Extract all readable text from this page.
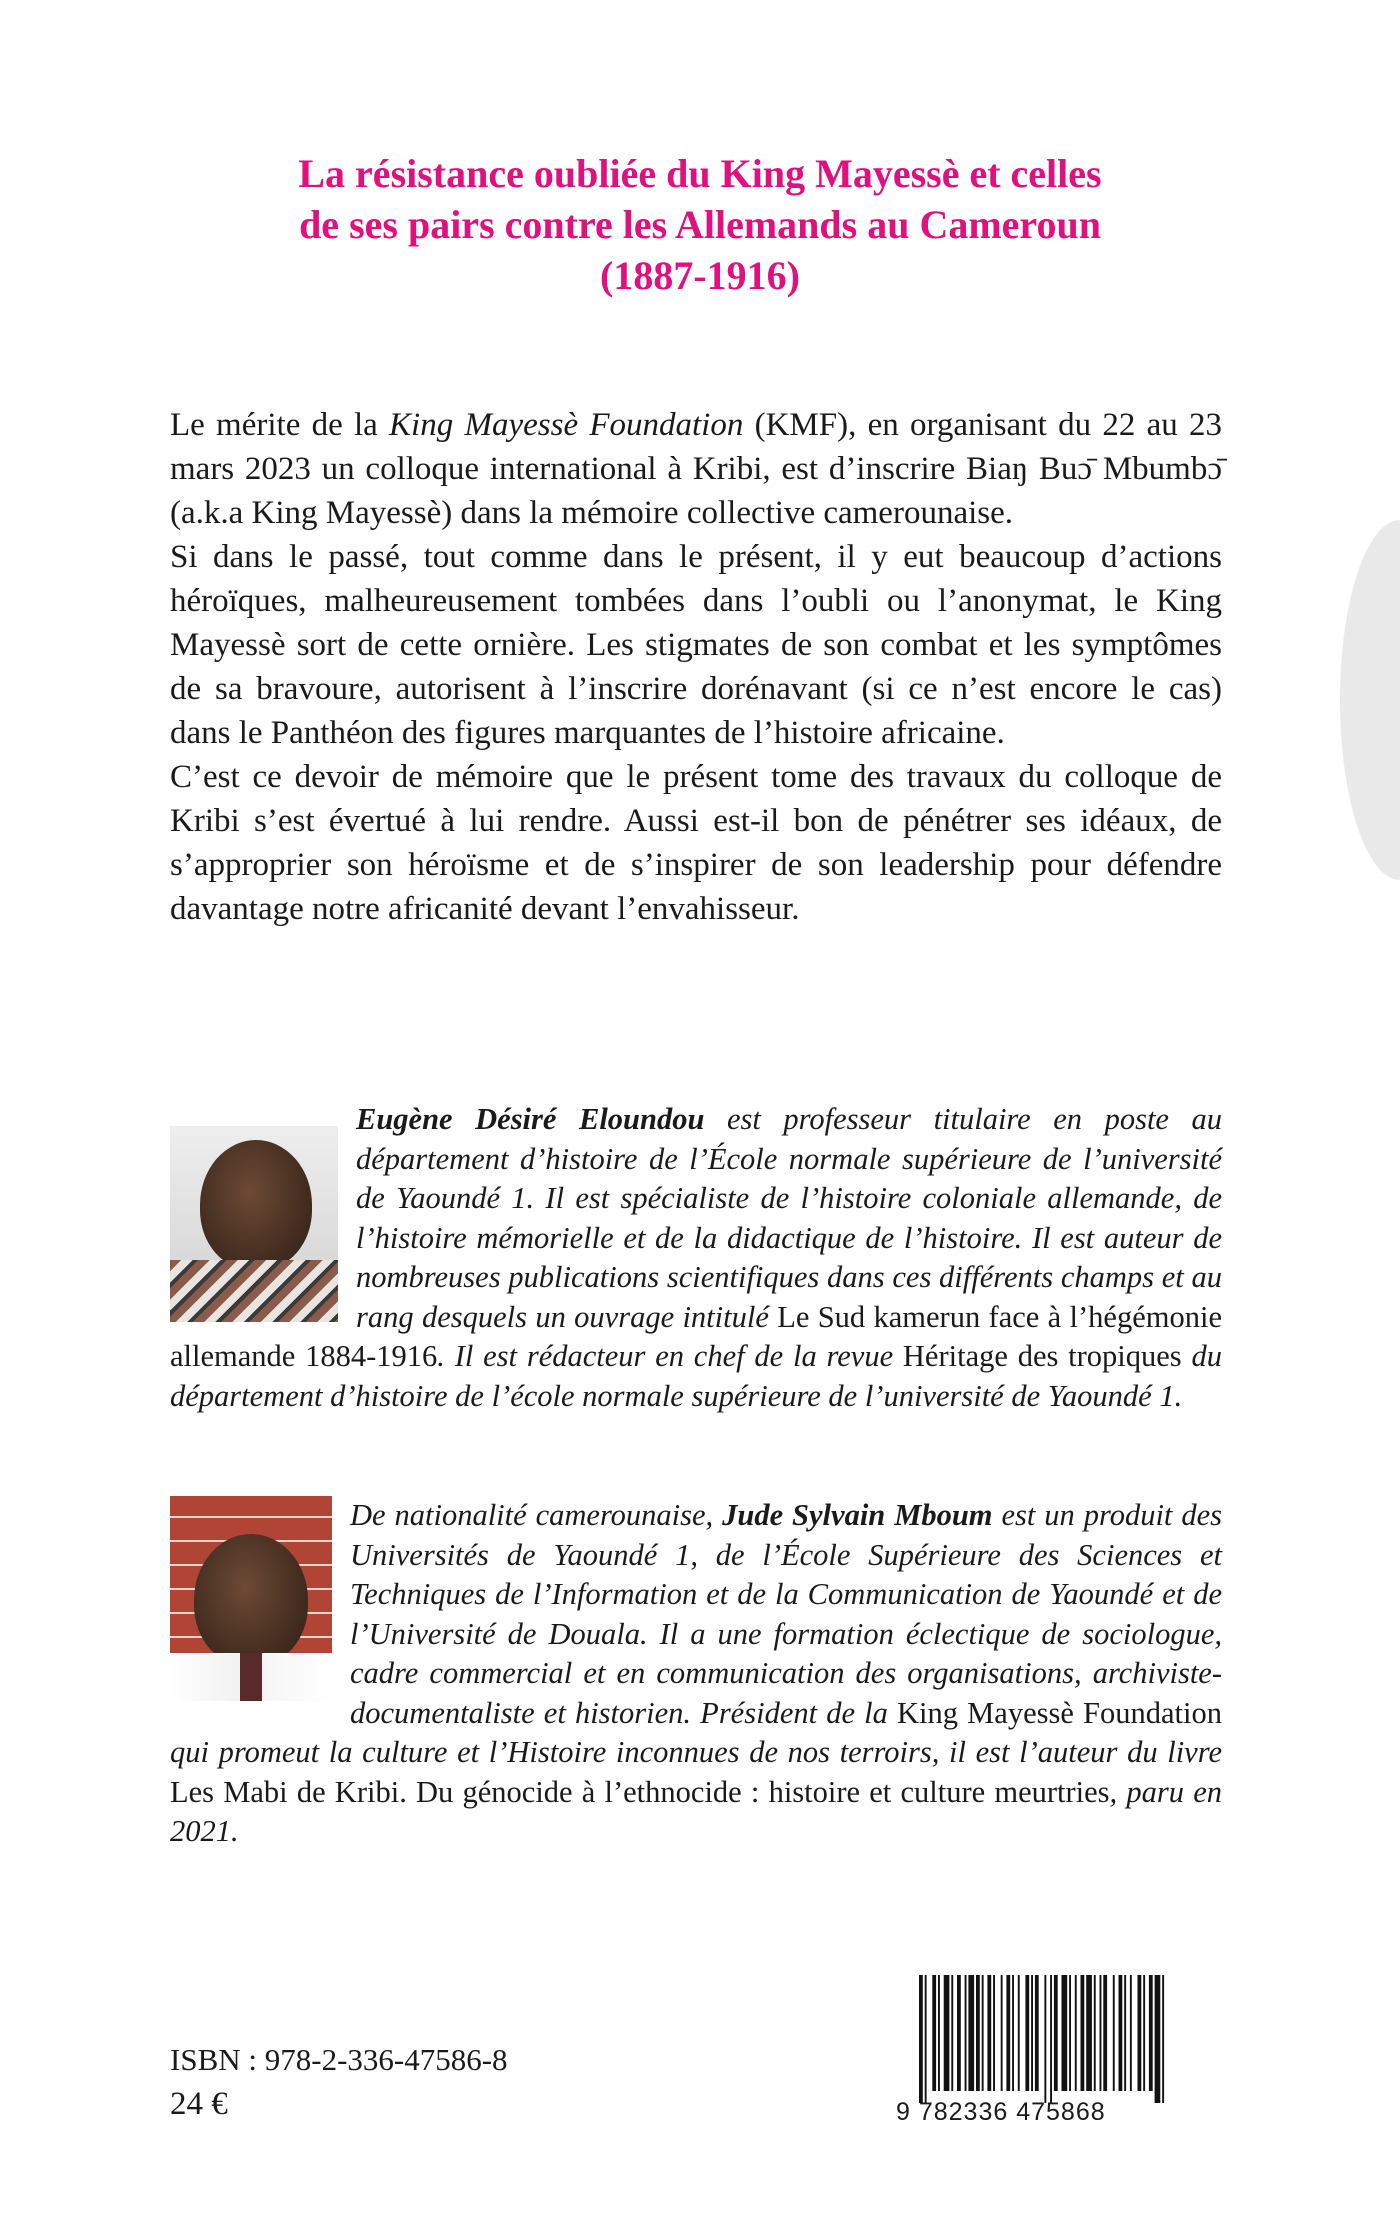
La résistance oubliée du King Mayessè et celles
de ses pairs contre les Allemands au Cameroun
(1887-1916)

Le mérite de la King Mayessè Foundation (KMF), en organisant du 22 au 23 mars 2023 un colloque international à Kribi, est d’inscrire Biaŋ Buɔ̄ Mbumbɔ̄ (a.k.a King Mayessè) dans la mémoire collective camerounaise.

Si dans le passé, tout comme dans le présent, il y eut beaucoup d’actions héroïques, malheureusement tombées dans l’oubli ou l’anonymat, le King Mayessè sort de cette ornière. Les stigmates de son combat et les symptômes de sa bravoure, autorisent à l’inscrire dorénavant (si ce n’est encore le cas) dans le Panthéon des figures marquantes de l’histoire africaine.

C’est ce devoir de mémoire que le présent tome des travaux du colloque de Kribi s’est évertué à lui rendre. Aussi est-il bon de pénétrer ses idéaux, de s’approprier son héroïsme et de s’inspirer de son leadership pour défendre davantage notre africanité devant l’envahisseur.

Eugène Désiré Eloundou est professeur titulaire en poste au département d’histoire de l’École normale supérieure de l’université de Yaoundé 1. Il est spécialiste de l’histoire coloniale allemande, de l’histoire mémorielle et de la didactique de l’histoire. Il est auteur de nombreuses publications scientifiques dans ces différents champs et au rang desquels un ouvrage intitulé Le Sud kamerun face à l’hégémonie allemande 1884-1916. Il est rédacteur en chef de la revue Héritage des tropiques du département d’histoire de l’école normale supérieure de l’université de Yaoundé 1.
De nationalité camerounaise, Jude Sylvain Mboum est un produit des Universités de Yaoundé 1, de l’École Supérieure des Sciences et Techniques de l’Information et de la Communication de Yaoundé et de l’Université de Douala. Il a une formation éclectique de sociologue, cadre commercial et en communication des organisations, archiviste-documentaliste et historien. Président de la King Mayessè Foundation qui promeut la culture et l’Histoire inconnues de nos terroirs, il est l’auteur du livre Les Mabi de Kribi. Du génocide à l’ethnocide : histoire et culture meurtries, paru en 2021.
ISBN : 978-2-336-47586-8
24 €	9 782336 475868
